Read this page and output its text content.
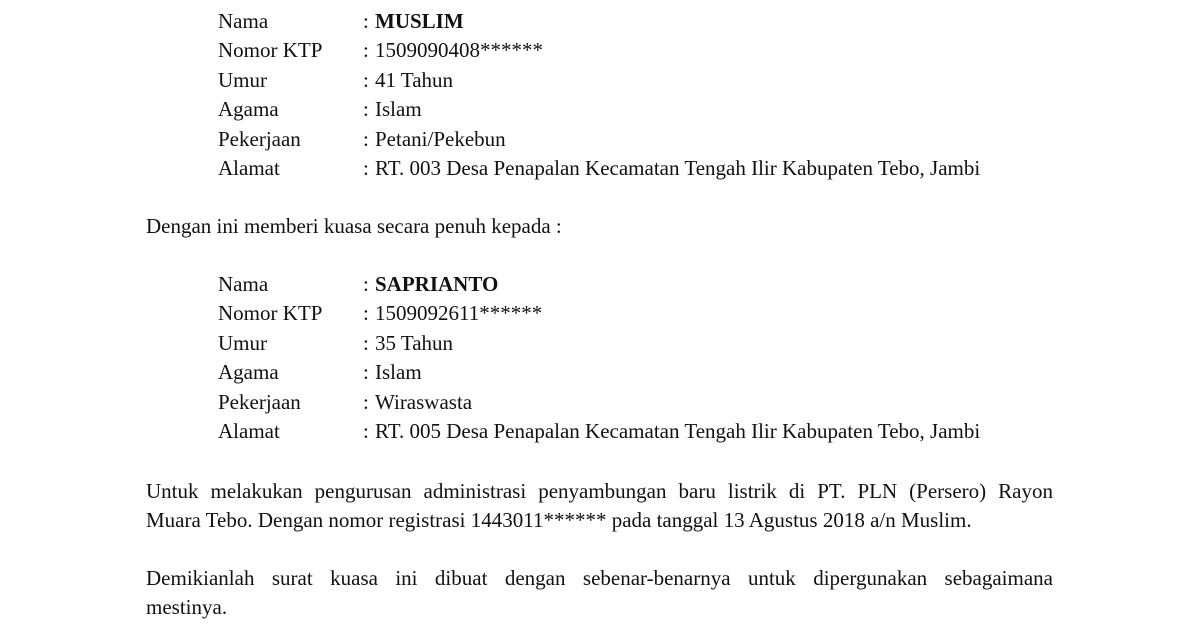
Nama	: MUSLIM
Nomor KTP : 1509090408******
Umur	: 41 Tahun
Agama	: Islam
Pekerjaan	: Petani/Pekebun
Alamat	: RT. 003 Desa Penapalan Kecamatan Tengah Ilir Kabupaten Tebo, Jambi
Dengan ini memberi kuasa secara penuh kepada :
Nama	: SAPRIANTO
Nomor KTP : 1509092611******
Umur	: 35 Tahun
Agama	: Islam
Pekerjaan	: Wiraswasta
Alamat	: RT. 005 Desa Penapalan Kecamatan Tengah Ilir Kabupaten Tebo, Jambi
Untuk melakukan pengurusan administrasi penyambungan baru listrik di PT. PLN (Persero) Rayon
Muara Tebo. Dengan nomor registrasi 1443011****** pada tanggal 13 Agustus 2018 a/n Muslim.
Demikianlah surat kuasa ini dibuat dengan sebenar-benarnya untuk dipergunakan sebagaimana
mestinya.
